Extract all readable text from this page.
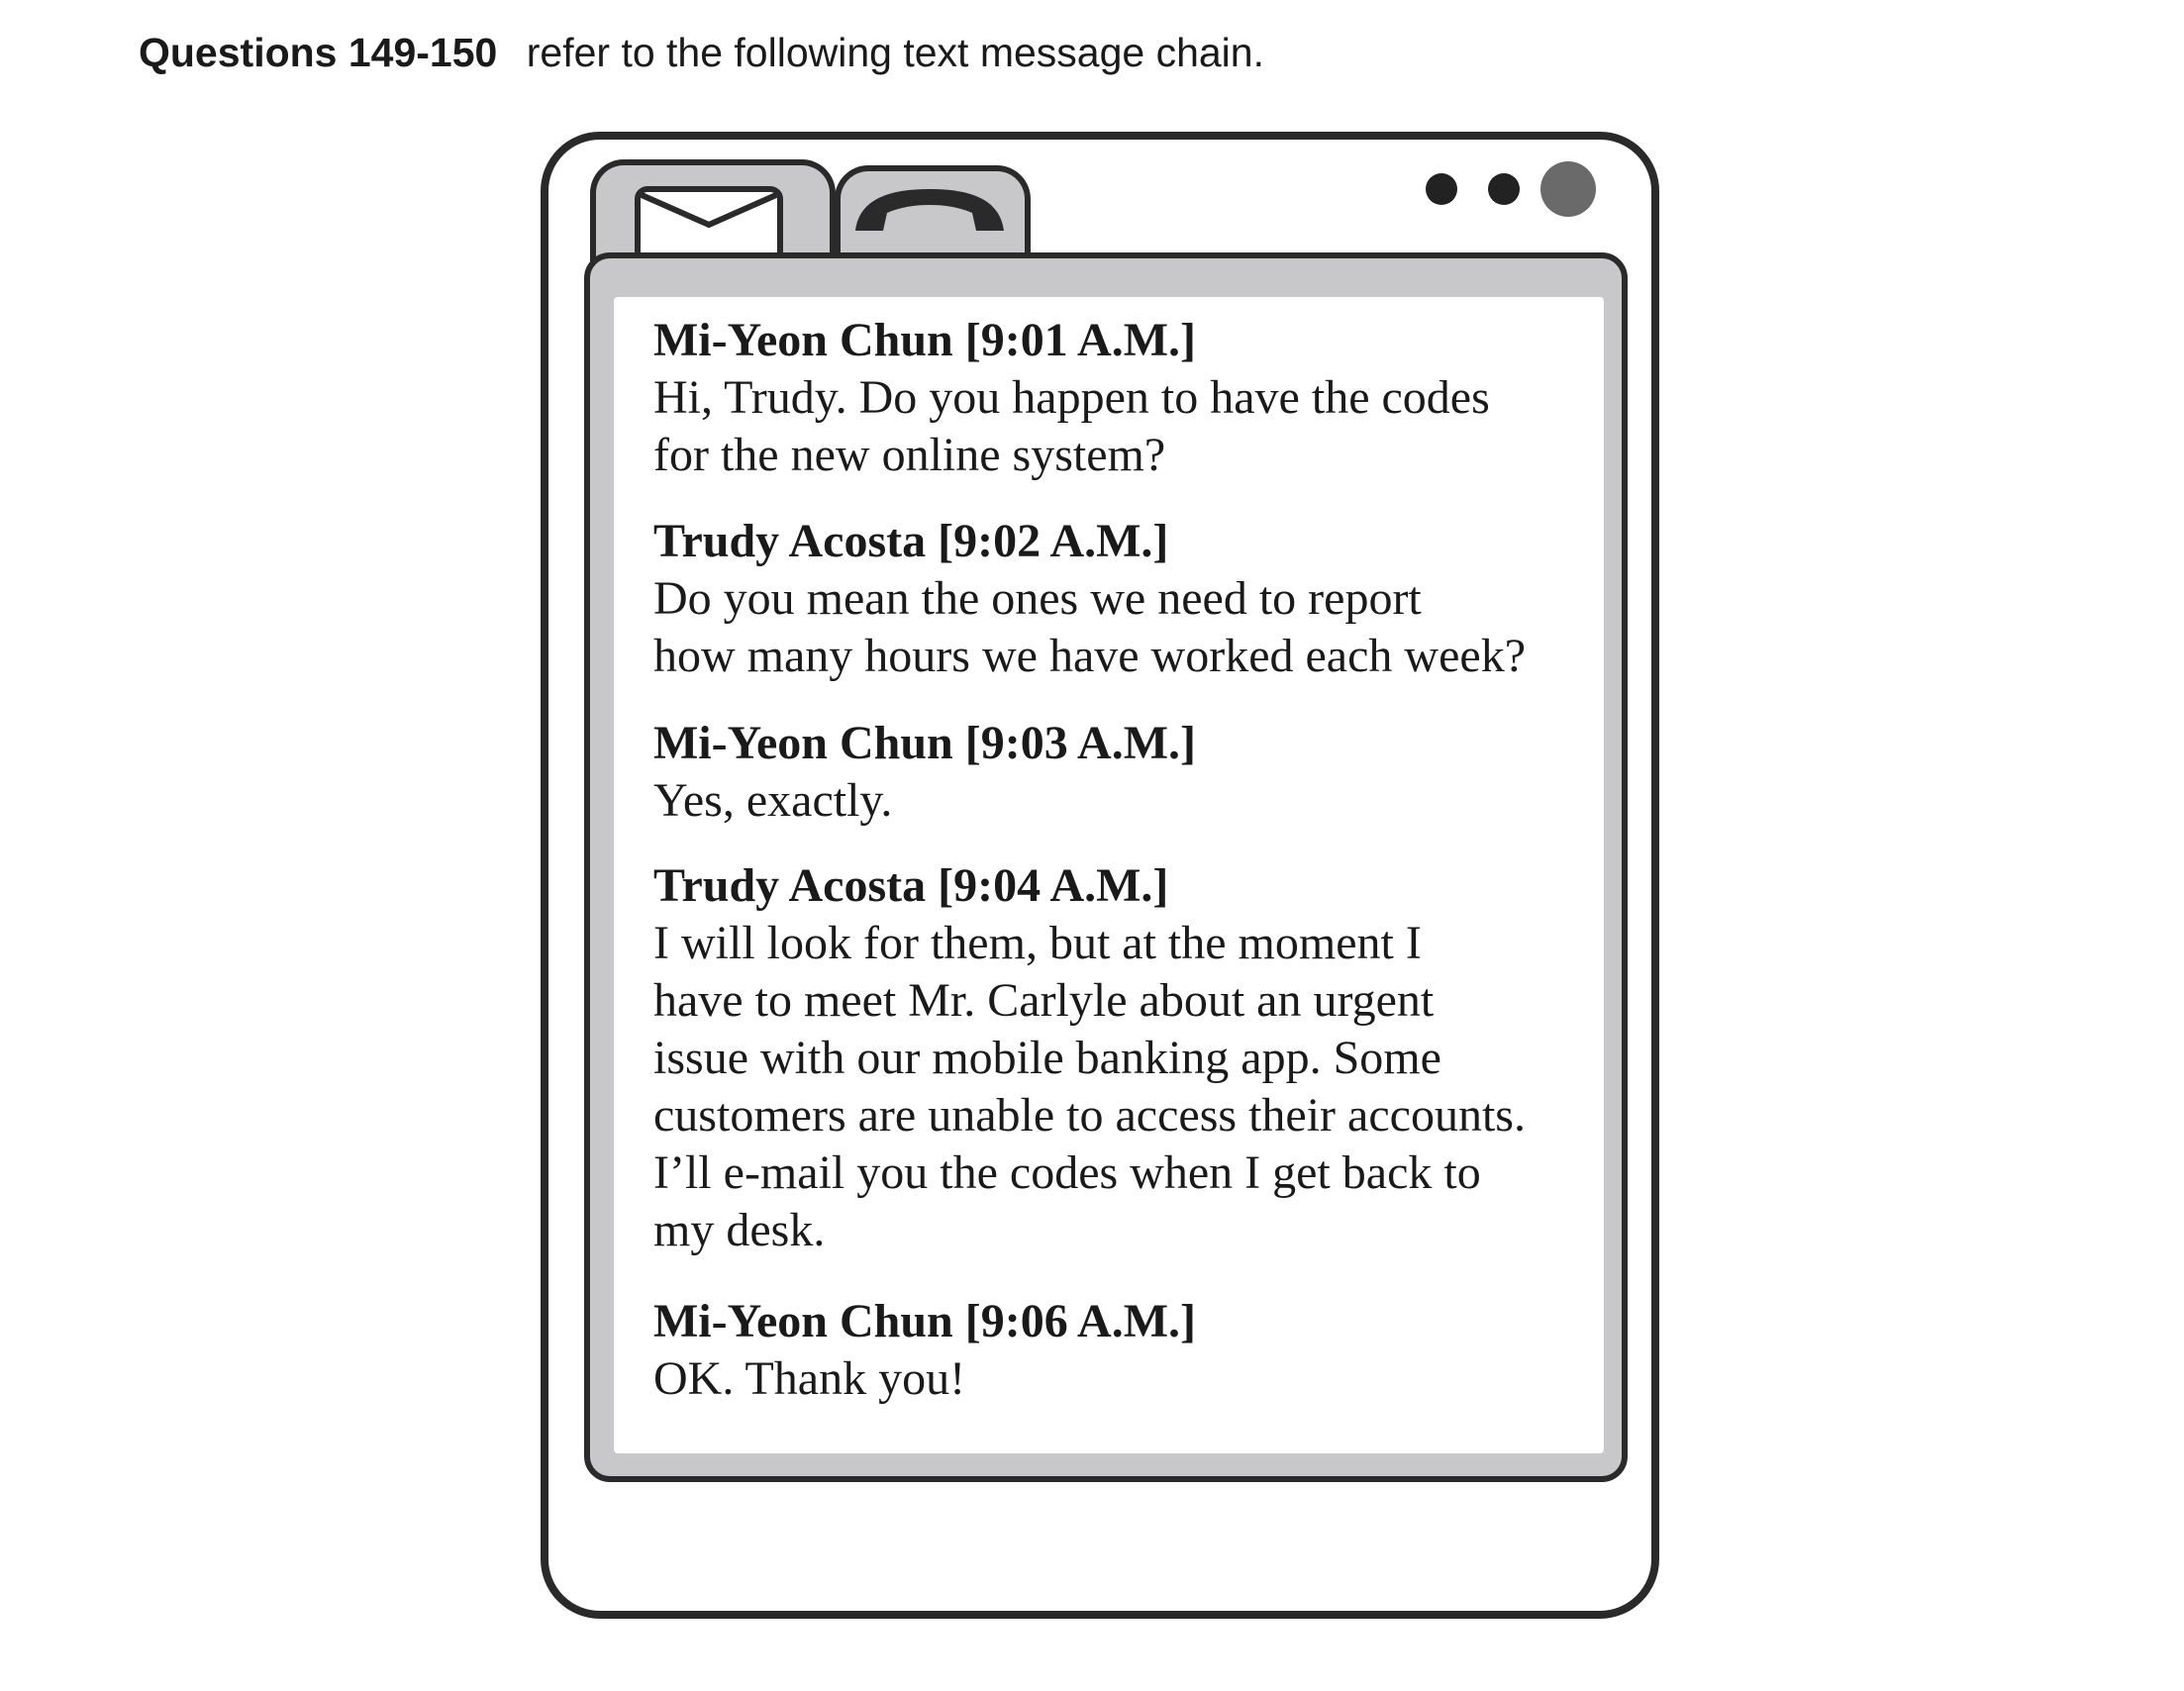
Questions 149-150 refer to the following text message chain.
Mi-Yeon Chun [9:01 A.M.]
Hi, Trudy. Do you happen to have the codes
for the new online system?
Trudy Acosta [9:02 A.M.]
Do you mean the ones we need to report
how many hours we have worked each week?
Mi-Yeon Chun [9:03 A.M.]
Yes, exactly.
Trudy Acosta [9:04 A.M.]
I will look for them, but at the moment I
have to meet Mr. Carlyle about an urgent
issue with our mobile banking app. Some
customers are unable to access their accounts.
I’ll e-mail you the codes when I get back to
my desk.
Mi-Yeon Chun [9:06 A.M.]
OK. Thank you!
